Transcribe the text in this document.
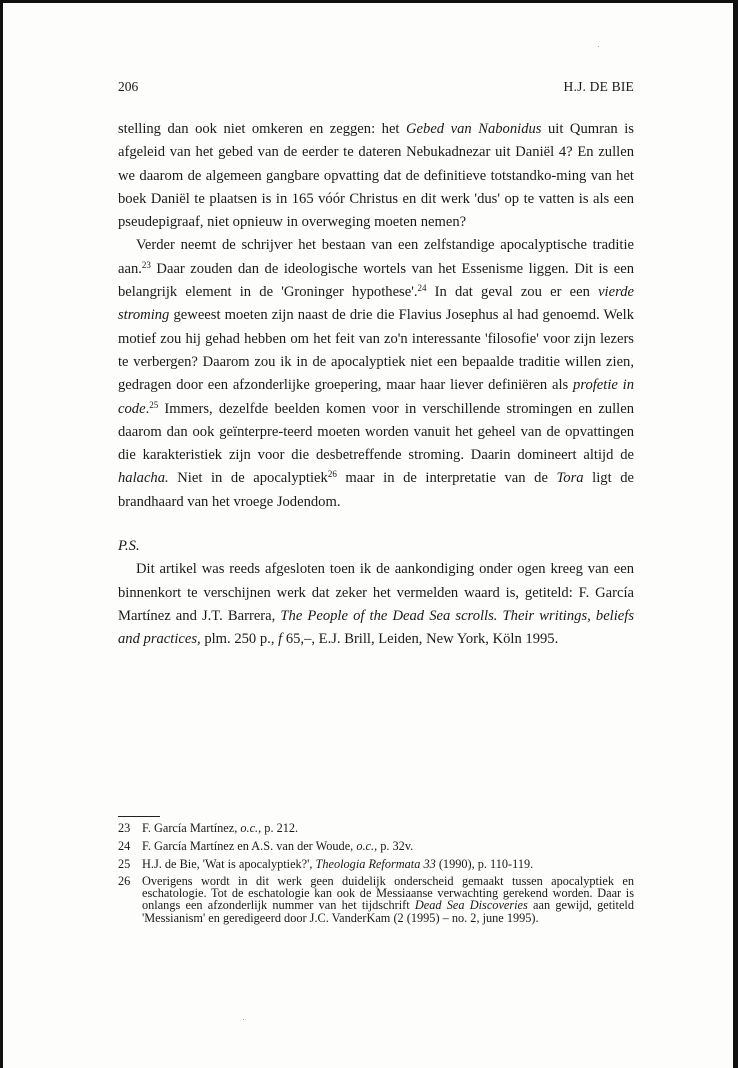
206	H.J. DE BIE

stelling dan ook niet omkeren en zeggen: het Gebed van Nabonidus uit Qumran is afgeleid van het gebed van de eerder te dateren Nebukadnezar uit Daniël 4? En zullen we daarom de algemeen gangbare opvatting dat de definitieve totstandko-ming van het boek Daniël te plaatsen is in 165 vóór Christus en dit werk 'dus' op te vatten is als een pseudepigraaf, niet opnieuw in overweging moeten nemen?

Verder neemt de schrijver het bestaan van een zelfstandige apocalyptische traditie aan.$^{23}$ Daar zouden dan de ideologische wortels van het Essenisme liggen. Dit is een belangrijk element in de 'Groninger hypothese'.$^{24}$ In dat geval zou er een vierde stroming geweest moeten zijn naast de drie die Flavius Josephus al had genoemd. Welk motief zou hij gehad hebben om het feit van zo'n interessante 'filosofie' voor zijn lezers te verbergen? Daarom zou ik in de apocalyptiek niet een bepaalde traditie willen zien, gedragen door een afzonderlijke groepering, maar haar liever definiëren als profetie in code.$^{25}$ Immers, dezelfde beelden komen voor in verschillende stromingen en zullen daarom dan ook geïnterpre-teerd moeten worden vanuit het geheel van de opvattingen die karakteristiek zijn voor die desbetreffende stroming. Daarin domineert altijd de halacha. Niet in de apocalyptiek$^{26}$ maar in de interpretatie van de Tora ligt de brandhaard van het vroege Jodendom.

P.S.

Dit artikel was reeds afgesloten toen ik de aankondiging onder ogen kreeg van een binnenkort te verschijnen werk dat zeker het vermelden waard is, getiteld: F. García Martínez and J.T. Barrera, The People of the Dead Sea scrolls. Their writings, beliefs and practices, plm. 250 p., f 65,–, E.J. Brill, Leiden, New York, Köln 1995.

23 F. García Martínez, o.c., p. 212.
24 F. García Martínez en A.S. van der Woude, o.c., p. 32v.
25 H.J. de Bie, 'Wat is apocalyptiek?', Theologia Reformata 33 (1990), p. 110-119.
26 Overigens wordt in dit werk geen duidelijk onderscheid gemaakt tussen apocalyptiek en eschatologie. Tot de eschatologie kan ook de Messiaanse verwachting gerekend worden. Daar is onlangs een afzonderlijk nummer van het tijdschrift Dead Sea Discoveries aan gewijd, getiteld 'Messianism' en geredigeerd door J.C. VanderKam (2 (1995) – no. 2, june 1995).
